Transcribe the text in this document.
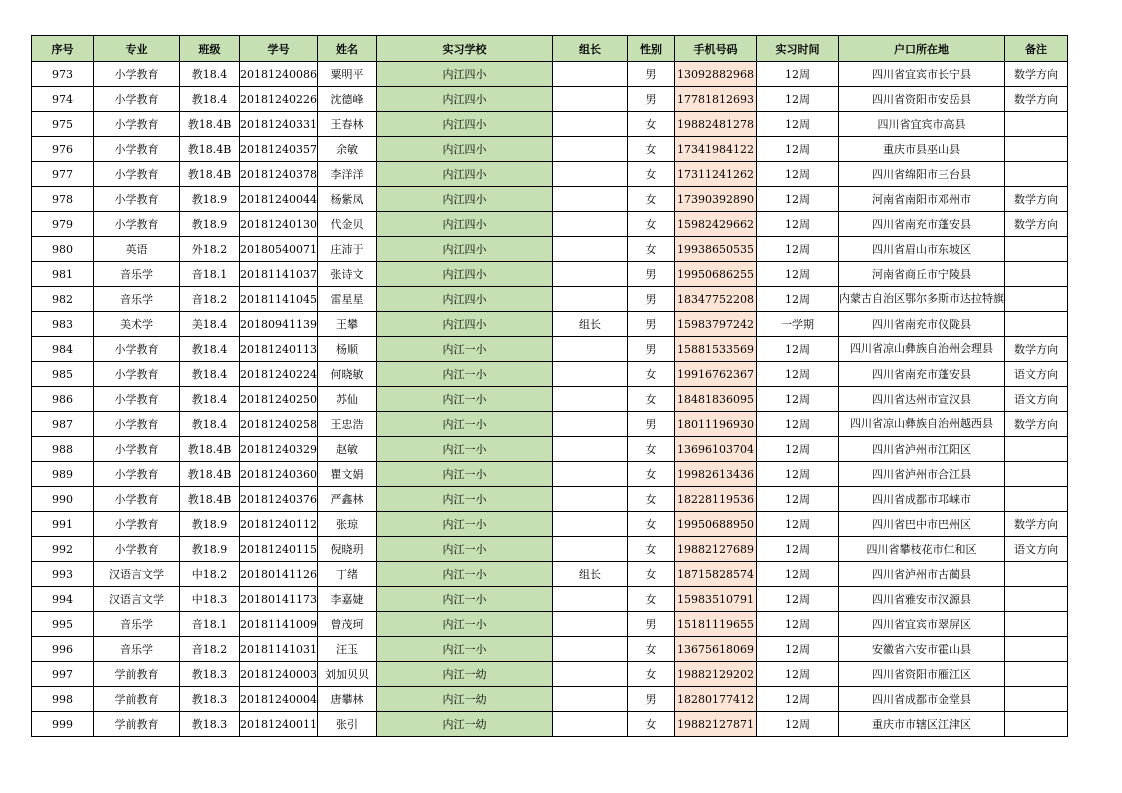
序号	专业	班级	学号	姓名	实习学校	组长	性别	手机号码	实习时间	户口所在地	备注
973	小学教育	教18.4	20181240086	粟明平	内江四小		男	13092882968	12周	四川省宜宾市长宁县	数学方向
974	小学教育	教18.4	20181240226	沈德峰	内江四小		男	17781812693	12周	四川省资阳市安岳县	数学方向
975	小学教育	教18.4B	20181240331	王春林	内江四小		女	19882481278	12周	四川省宜宾市高县	
976	小学教育	教18.4B	20181240357	余敏	内江四小		女	17341984122	12周	重庆市县巫山县	
977	小学教育	教18.4B	20181240378	李洋洋	内江四小		女	17311241262	12周	四川省绵阳市三台县	
978	小学教育	教18.9	20181240044	杨紫凤	内江四小		女	17390392890	12周	河南省南阳市邓州市	数学方向
979	小学教育	教18.9	20181240130	代金贝	内江四小		女	15982429662	12周	四川省南充市蓬安县	数学方向
980	英语	外18.2	20180540071	庄沛于	内江四小		女	19938650535	12周	四川省眉山市东坡区	
981	音乐学	音18.1	20181141037	张诗文	内江四小		男	19950686255	12周	河南省商丘市宁陵县	
982	音乐学	音18.2	20181141045	雷星星	内江四小		男	18347752208	12周	内蒙古自治区鄂尔多斯市达拉特旗	
983	美术学	美18.4	20180941139	王攀	内江四小	组长	男	15983797242	一学期	四川省南充市仪陇县	
984	小学教育	教18.4	20181240113	杨顺	内江一小		男	15881533569	12周	四川省凉山彝族自治州会理县	数学方向
985	小学教育	教18.4	20181240224	何晓敏	内江一小		女	19916762367	12周	四川省南充市蓬安县	语文方向
986	小学教育	教18.4	20181240250	苏仙	内江一小		女	18481836095	12周	四川省达州市宣汉县	语文方向
987	小学教育	教18.4	20181240258	王忠浩	内江一小		男	18011196930	12周	四川省凉山彝族自治州越西县	数学方向
988	小学教育	教18.4B	20181240329	赵敏	内江一小		女	13696103704	12周	四川省泸州市江阳区	
989	小学教育	教18.4B	20181240360	瞿文娟	内江一小		女	19982613436	12周	四川省泸州市合江县	
990	小学教育	教18.4B	20181240376	严鑫林	内江一小		女	18228119536	12周	四川省成都市邛崃市	
991	小学教育	教18.9	20181240112	张琼	内江一小		女	19950688950	12周	四川省巴中市巴州区	数学方向
992	小学教育	教18.9	20181240115	倪晓玥	内江一小		女	19882127689	12周	四川省攀枝花市仁和区	语文方向
993	汉语言文学	中18.2	20180141126	丁绪	内江一小	组长	女	18715828574	12周	四川省泸州市古蔺县	
994	汉语言文学	中18.3	20180141173	李嘉婕	内江一小		女	15983510791	12周	四川省雅安市汉源县	
995	音乐学	音18.1	20181141009	曾茂珂	内江一小		男	15181119655	12周	四川省宜宾市翠屏区	
996	音乐学	音18.2	20181141031	汪玉	内江一小		女	13675618069	12周	安徽省六安市霍山县	
997	学前教育	教18.3	20181240003	刘加贝贝	内江一幼		女	19882129202	12周	四川省资阳市雁江区	
998	学前教育	教18.3	20181240004	唐攀林	内江一幼		男	18280177412	12周	四川省成都市金堂县	
999	学前教育	教18.3	20181240011	张引	内江一幼		女	19882127871	12周	重庆市市辖区江津区	
